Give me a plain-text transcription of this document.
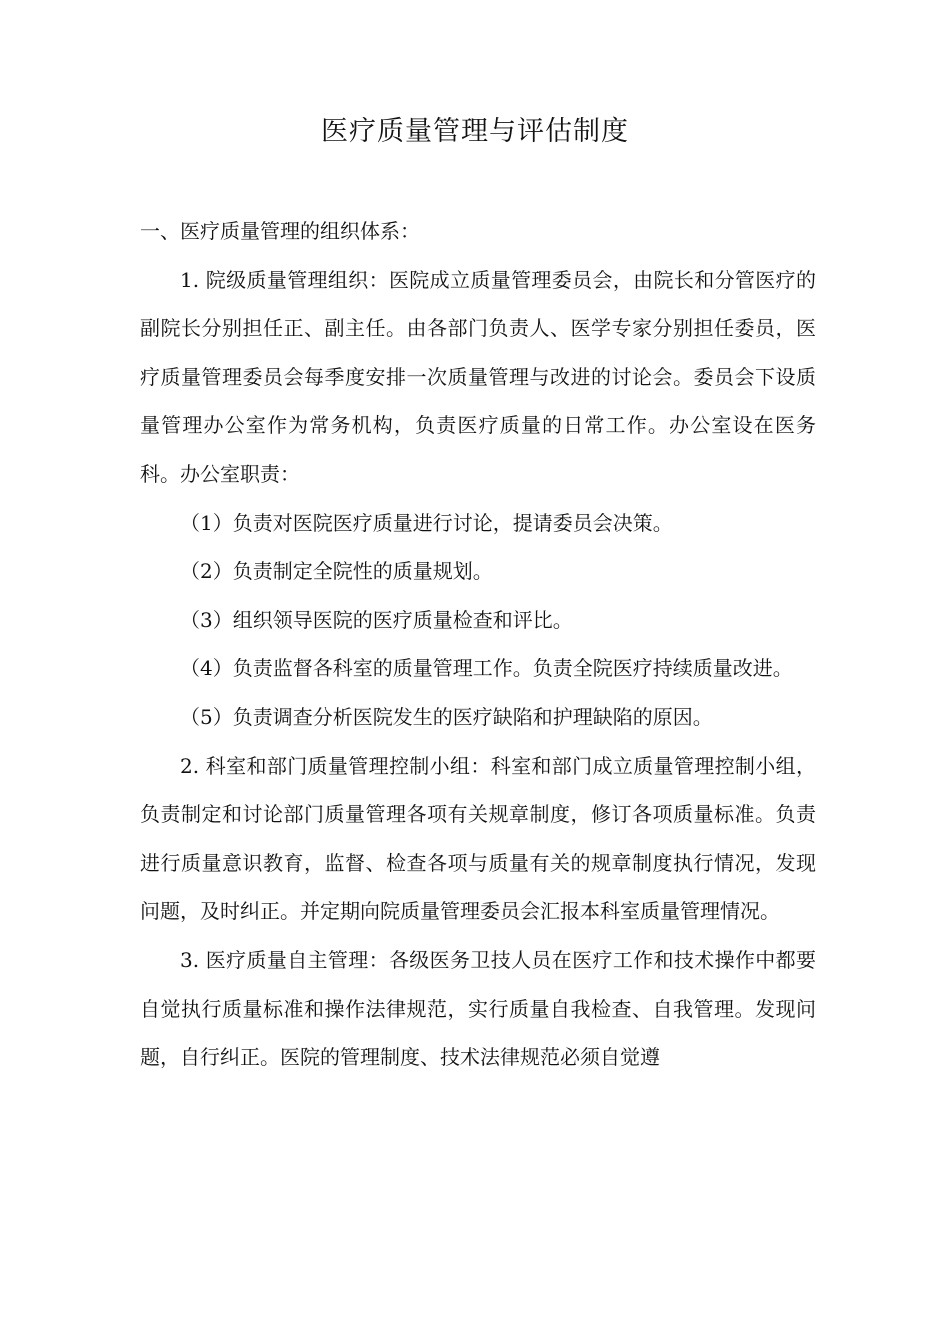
医疗质量管理与评估制度

一、医疗质量管理的组织体系：

1. 院级质量管理组织：医院成立质量管理委员会，由院长和分管医疗的副院长分别担任正、副主任。由各部门负责人、医学专家分别担任委员，医疗质量管理委员会每季度安排一次质量管理与改进的讨论会。委员会下设质量管理办公室作为常务机构，负责医疗质量的日常工作。办公室设在医务科。办公室职责：

（1）负责对医院医疗质量进行讨论，提请委员会决策。

（2）负责制定全院性的质量规划。

（3）组织领导医院的医疗质量检查和评比。

（4）负责监督各科室的质量管理工作。负责全院医疗持续质量改进。

（5）负责调查分析医院发生的医疗缺陷和护理缺陷的原因。

2. 科室和部门质量管理控制小组：科室和部门成立质量管理控制小组，负责制定和讨论部门质量管理各项有关规章制度，修订各项质量标准。负责进行质量意识教育，监督、检查各项与质量有关的规章制度执行情况，发现问题，及时纠正。并定期向院质量管理委员会汇报本科室质量管理情况。

3. 医疗质量自主管理：各级医务卫技人员在医疗工作和技术操作中都要自觉执行质量标准和操作法律规范，实行质量自我检查、自我管理。发现问题，自行纠正。医院的管理制度、技术法律规范必须自觉遵
